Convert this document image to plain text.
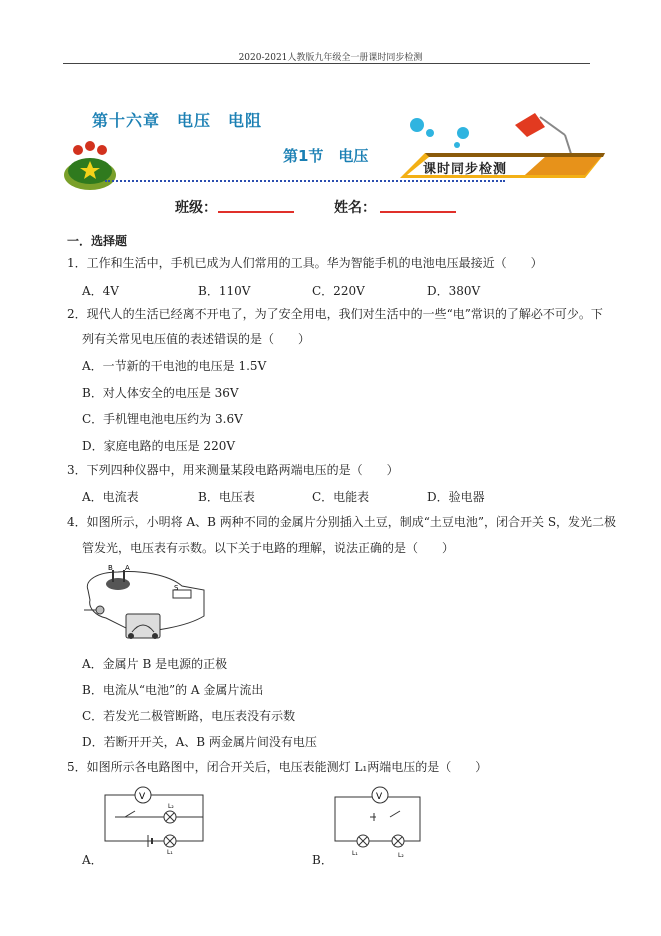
2020-2021人教版九年级全一册课时同步检测
第十六章　电压　电阻
第1节　电压
课时同步检测
班级：	姓名：
一．选择题
1．工作和生活中，手机已成为人们常用的工具。华为智能手机的电池电压最接近（　　）
A．4V	B．110V	C．220V	D．380V
2．现代人的生活已经离不开电了，为了安全用电，我们对生活中的一些“电”常识的了解必不可少。下
列有关常见电压值的表述错误的是（　　）
A．一节新的干电池的电压是 1.5V
B．对人体安全的电压是 36V
C．手机锂电池电压约为 3.6V
D．家庭电路的电压是 220V
3．下列四种仪器中，用来测量某段电路两端电压的是（　　）
A．电流表	B．电压表	C．电能表	D．验电器
4．如图所示，小明将 A、B 两种不同的金属片分别插入土豆，制成“土豆电池”，闭合开关 S，发光二极
管发光，电压表有示数。以下关于电路的理解，说法正确的是（　　）
B A
S
A．金属片 B 是电源的正极
B．电流从“电池”的 A 金属片流出
C．若发光二极管断路，电压表没有示数
D．若断开开关，A、B 两金属片间没有电压
5．如图所示各电路图中，闭合开关后，电压表能测灯 L₁两端电压的是（　　）
V
L₂
L₁
A．
V
L₁	L₂
B．
